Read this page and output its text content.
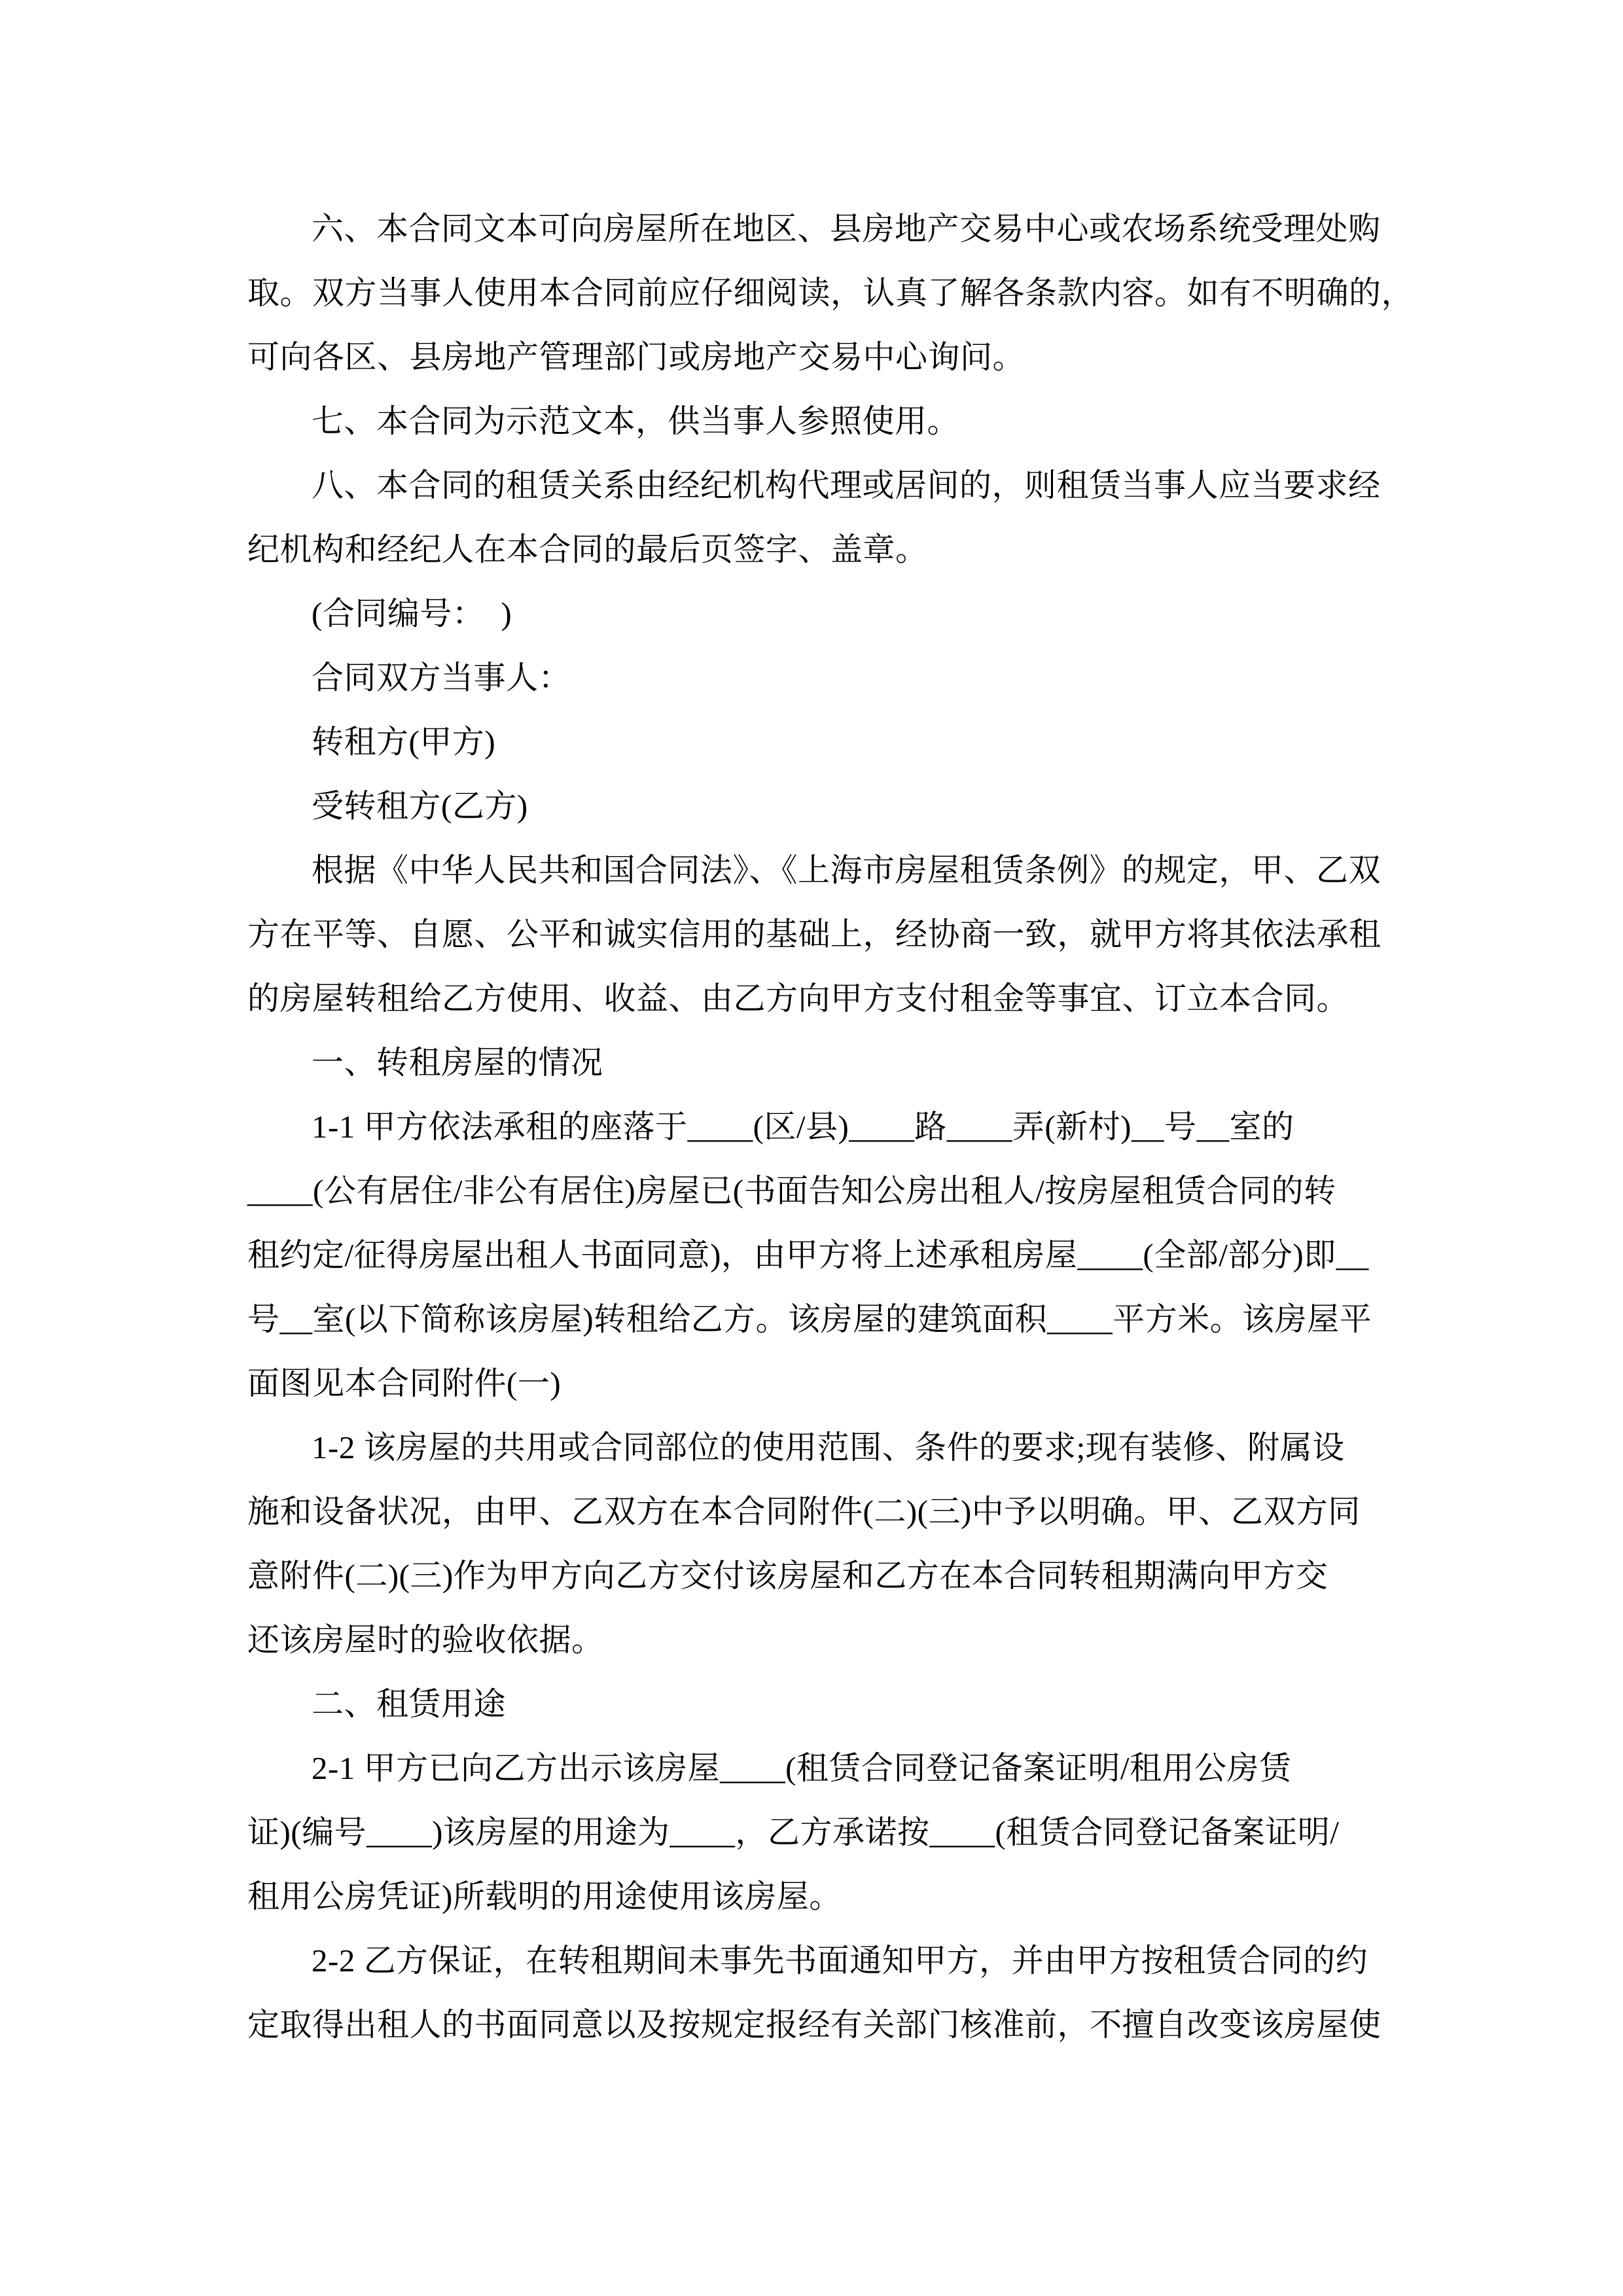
六、本合同文本可向房屋所在地区、县房地产交易中心或农场系统受理处购
取。双方当事人使用本合同前应仔细阅读，认真了解各条款内容。如有不明确的，
可向各区、县房地产管理部门或房地产交易中心询问。
七、本合同为示范文本，供当事人参照使用。
八、本合同的租赁关系由经纪机构代理或居间的，则租赁当事人应当要求经
纪机构和经纪人在本合同的最后页签字、盖章。
(合同编号：　)
合同双方当事人：
转租方(甲方)
受转租方(乙方)
根据《中华人民共和国合同法》、《上海市房屋租赁条例》的规定，甲、乙双
方在平等、自愿、公平和诚实信用的基础上，经协商一致，就甲方将其依法承租
的房屋转租给乙方使用、收益、由乙方向甲方支付租金等事宜、订立本合同。
一、转租房屋的情况
1-1 甲方依法承租的座落于____(区/县)____路____弄(新村)__号__室的
____(公有居住/非公有居住)房屋已(书面告知公房出租人/按房屋租赁合同的转
租约定/征得房屋出租人书面同意)，由甲方将上述承租房屋____(全部/部分)即__
号__室(以下简称该房屋)转租给乙方。该房屋的建筑面积____平方米。该房屋平
面图见本合同附件(一)
1-2 该房屋的共用或合同部位的使用范围、条件的要求;现有装修、附属设
施和设备状况，由甲、乙双方在本合同附件(二)(三)中予以明确。甲、乙双方同
意附件(二)(三)作为甲方向乙方交付该房屋和乙方在本合同转租期满向甲方交
还该房屋时的验收依据。
二、租赁用途
2-1 甲方已向乙方出示该房屋____(租赁合同登记备案证明/租用公房赁
证)(编号____)该房屋的用途为____，乙方承诺按____(租赁合同登记备案证明/
租用公房凭证)所载明的用途使用该房屋。
2-2 乙方保证，在转租期间未事先书面通知甲方，并由甲方按租赁合同的约
定取得出租人的书面同意以及按规定报经有关部门核准前，不擅自改变该房屋使
